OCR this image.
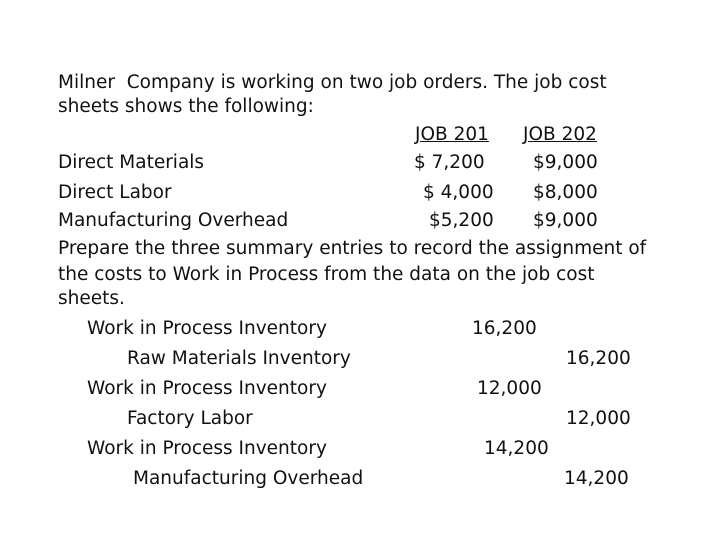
Milner  Company is working on two job orders. The job cost

sheets shows the following:

JOB 201 JOB 202
Direct Materials	$ 7,200	$9,000
Direct Labor	$ 4,000 $8,000
Manufacturing Overhead	$5,200 $9,000

Prepare the three summary entries to record the assignment of

the costs to Work in Process from the data on the job cost

sheets.

Work in Process Inventory	16,200
Raw Materials Inventory	16,200
Work in Process Inventory	12,000
Factory Labor	12,000
Work in Process Inventory	14,200
Manufacturing Overhead	14,200
